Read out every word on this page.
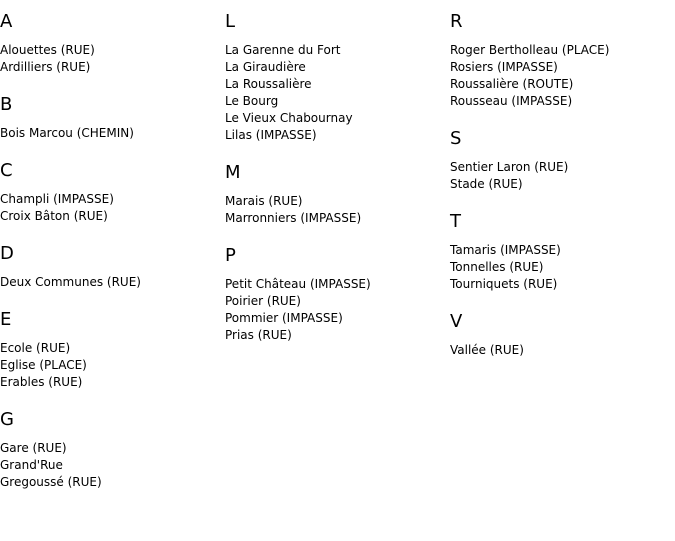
A
Alouettes (RUE)
Ardilliers (RUE)
B
Bois Marcou (CHEMIN)
C
Champli (IMPASSE)
Croix Bâton (RUE)
D
Deux Communes (RUE)
E
Ecole (RUE)
Eglise (PLACE)
Erables (RUE)
G
Gare (RUE)
Grand'Rue
Gregoussé (RUE)
L
La Garenne du Fort
La Giraudière
La Roussalière
Le Bourg
Le Vieux Chabournay
Lilas (IMPASSE)
M
Marais (RUE)
Marronniers (IMPASSE)
P
Petit Château (IMPASSE)
Poirier (RUE)
Pommier (IMPASSE)
Prias (RUE)
R
Roger Bertholleau (PLACE)
Rosiers (IMPASSE)
Roussalière (ROUTE)
Rousseau (IMPASSE)
S
Sentier Laron (RUE)
Stade (RUE)
T
Tamaris (IMPASSE)
Tonnelles (RUE)
Tourniquets (RUE)
V
Vallée (RUE)
